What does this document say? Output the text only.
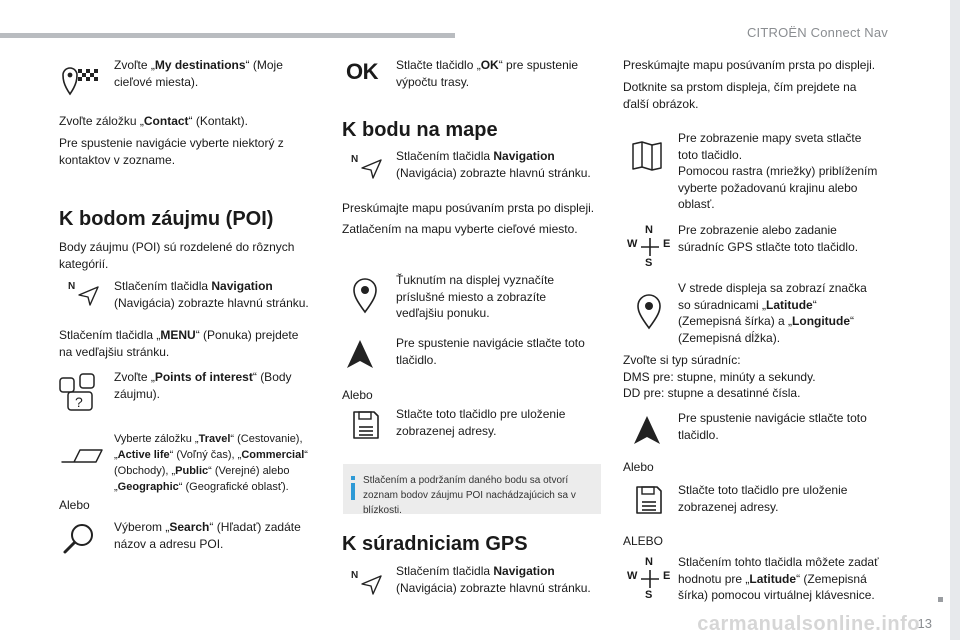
CITROËN Connect Nav
13
Zvoľte „My destinations“ (Moje cieľové miesta).
Zvoľte záložku „Contact“ (Kontakt).
Pre spustenie navigácie vyberte niektorý z kontaktov v zozname.
K bodom záujmu (POI)
Body záujmu (POI) sú rozdelené do rôznych kategórií.
N	Stlačením tlačidla Navigation (Navigácia) zobrazte hlavnú stránku.
Stlačením tlačidla „MENU“ (Ponuka) prejdete na vedľajšiu stránku.
?
Zvoľte „Points of interest“ (Body záujmu).
Vyberte záložku „Travel“ (Cestovanie), „Active life“ (Voľný čas), „Commercial“ (Obchody), „Public“ (Verejné) alebo „Geographic“ (Geografické oblasť).
Alebo
Výberom „Search“ (Hľadať) zadáte názov a adresu POI.
OK Stlačte tlačidlo „OK“ pre spustenie výpočtu trasy.
K bodu na mape
N	Stlačením tlačidla Navigation (Navigácia) zobrazte hlavnú stránku.
Preskúmajte mapu posúvaním prsta po displeji.
Zatlačením na mapu vyberte cieľové miesto.
Ťuknutím na displej vyznačíte príslušné miesto a zobrazíte vedľajšiu ponuku.
Pre spustenie navigácie stlačte toto tlačidlo.
Alebo
Stlačte toto tlačidlo pre uloženie zobrazenej adresy.
Stlačením a podržaním daného bodu sa otvorí zoznam bodov záujmu POI nachádzajúcich sa v blízkosti.
K súradniciam GPS
N	Stlačením tlačidla Navigation (Navigácia) zobrazte hlavnú stránku.
Preskúmajte mapu posúvaním prsta po displeji.
Dotknite sa prstom displeja, čím prejdete na ďalší obrázok.
Pre zobrazenie mapy sveta stlačte toto tlačidlo.
Pomocou rastra (mriežky) priblížením vyberte požadovanú krajinu alebo oblasť.
N
S
W E
Pre zobrazenie alebo zadanie súradníc GPS stlačte toto tlačidlo.
V strede displeja sa zobrazí značka so súradnicami „Latitude“ (Zemepisná šírka) a „Longitude“ (Zemepisná dĺžka).
Zvoľte si typ súradníc:
DMS pre: stupne, minúty a sekundy.
DD pre: stupne a desatinné čísla.
Pre spustenie navigácie stlačte toto tlačidlo.
Alebo
Stlačte toto tlačidlo pre uloženie zobrazenej adresy.
ALEBO
N
S
W E
Stlačením tohto tlačidla môžete zadať hodnotu pre „Latitude“ (Zemepisná šírka) pomocou virtuálnej klávesnice.
carmanualsonline.info
